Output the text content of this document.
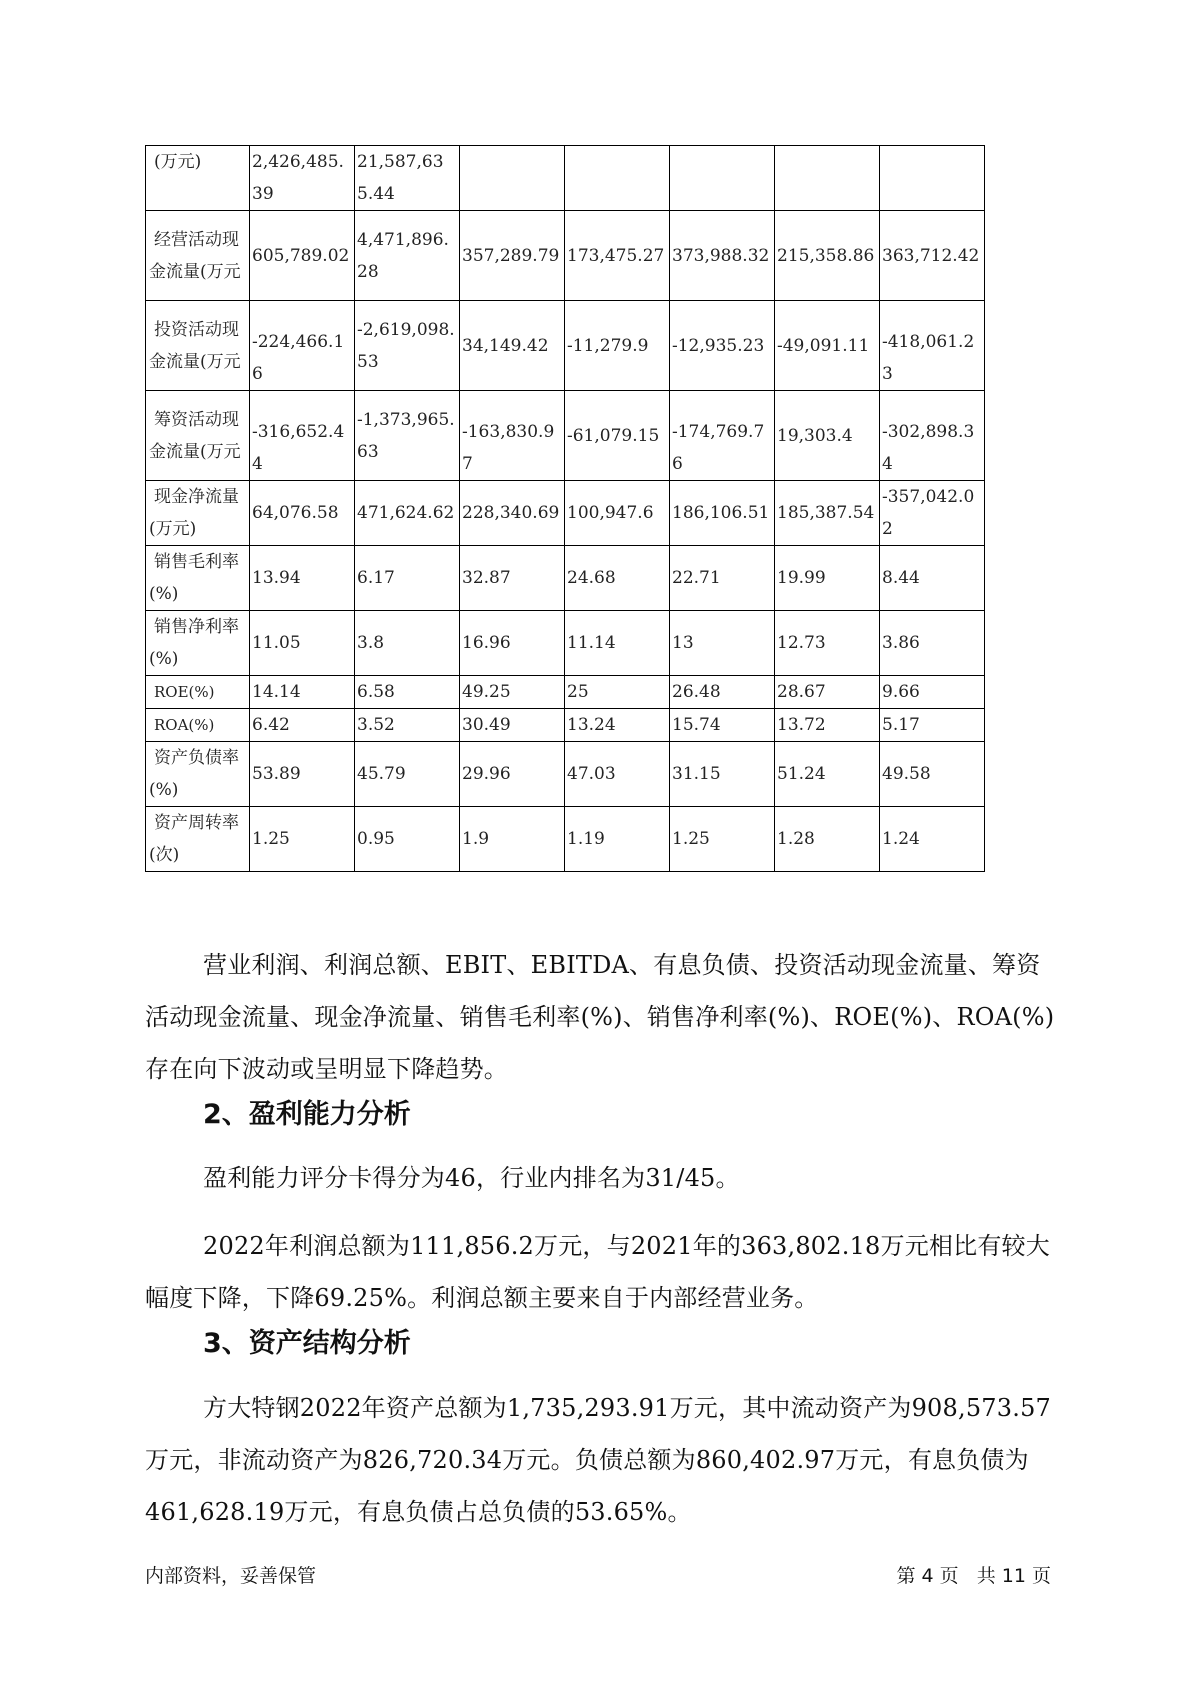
(万元)	2,426,485.39	21,587,635.44					
经营活动现金流量(万元	605,789.02	4,471,896.28	357,289.79	173,475.27	373,988.32	215,358.86	363,712.42
投资活动现金流量(万元	-224,466.16	-2,619,098.53	34,149.42	-11,279.9	-12,935.23	-49,091.11	-418,061.23
筹资活动现金流量(万元	-316,652.44	-1,373,965.63	-163,830.97	-61,079.15	-174,769.76	19,303.4	-302,898.34
现金净流量(万元)	64,076.58	471,624.62	228,340.69	100,947.6	186,106.51	185,387.54	-357,042.02
销售毛利率(%)	13.94	6.17	32.87	24.68	22.71	19.99	8.44
销售净利率(%)	11.05	3.8	16.96	11.14	13	12.73	3.86
ROE(%)	14.14	6.58	49.25	25	26.48	28.67	9.66
ROA(%)	6.42	3.52	30.49	13.24	15.74	13.72	5.17
资产负债率(%)	53.89	45.79	29.96	47.03	31.15	51.24	49.58
资产周转率(次)	1.25	0.95	1.9	1.19	1.25	1.28	1.24

营业利润、利润总额、EBIT、EBITDA、有息负债、投资活动现金流量、筹资活动现金流量、现金净流量、销售毛利率(%)、销售净利率(%)、ROE(%)、ROA(%)存在向下波动或呈明显下降趋势。

2、盈利能力分析

盈利能力评分卡得分为46，行业内排名为31/45。

2022年利润总额为111,856.2万元，与2021年的363,802.18万元相比有较大幅度下降，下降69.25%。利润总额主要来自于内部经营业务。

3、资产结构分析

方大特钢2022年资产总额为1,735,293.91万元，其中流动资产为908,573.57万元，非流动资产为826,720.34万元。负债总额为860,402.97万元，有息负债为461,628.19万元，有息负债占总负债的53.65%。

内部资料，妥善保管	第 4 页   共 11 页
